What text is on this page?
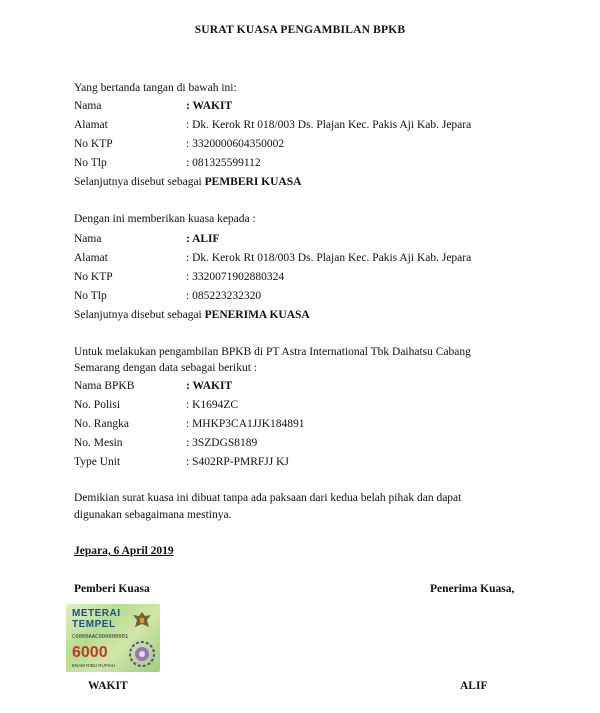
SURAT KUASA PENGAMBILAN BPKB
Yang bertanda tangan di bawah ini:
Nama	: WAKIT
Alamat	: Dk. Kerok Rt 018/003 Ds. Plajan Kec. Pakis Aji Kab. Jepara
No KTP	: 3320000604350002
No Tlp	: 081325599112
Selanjutnya disebut sebagai PEMBERI KUASA
Dengan ini memberikan kuasa kepada :
Nama	: ALIF
Alamat	: Dk. Kerok Rt 018/003 Ds. Plajan Kec. Pakis Aji Kab. Jepara
No KTP	: 3320071902880324
No Tlp	: 085223232320
Selanjutnya disebut sebagai PENERIMA KUASA
Untuk melakukan pengambilan BPKB di PT Astra International Tbk Daihatsu Cabang
Semarang dengan data sebagai berikut :
Nama BPKB	: WAKIT
No. Polisi	: K1694ZC
No. Rangka	: MHKP3CA1JJK184891
No. Mesin	: 3SZDGS8189
Type Unit	: S402RP-PMRFJJ KJ
Demikian surat kuasa ini dibuat tanpa ada paksaan dari kedua belah pihak dan dapat
digunakan sebagaimana mestinya.
Jepara, 6 April 2019
Pemberi Kuasa	Penerima Kuasa,
METERAI
TEMPEL
C0000AAC000000001
6000
ENAM RIBU RUPIAH
WAKIT	ALIF
